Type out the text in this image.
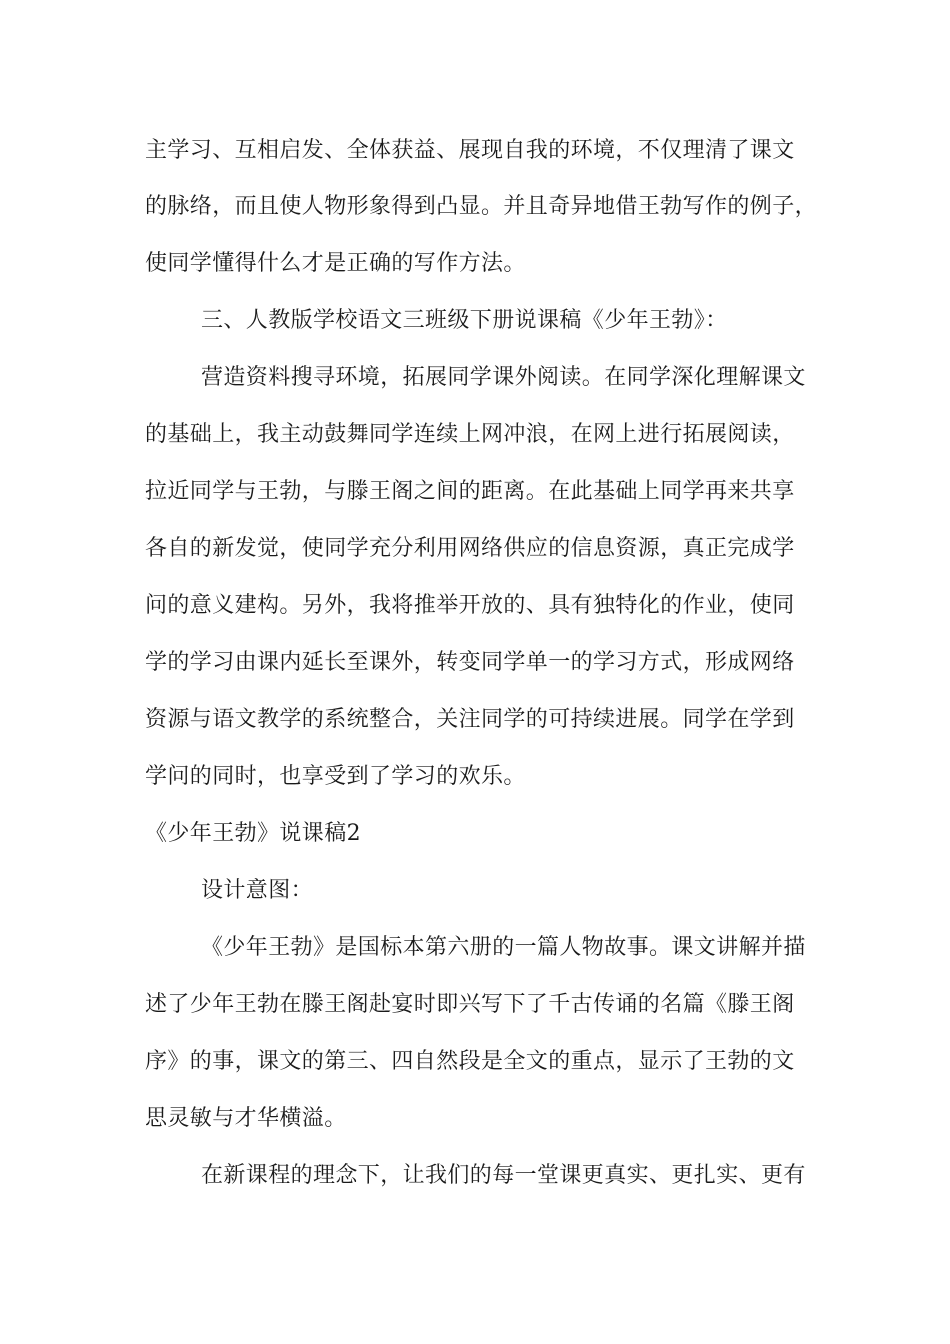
主学习、互相启发、全体获益、展现自我的环境，不仅理清了课文
的脉络，而且使人物形象得到凸显。并且奇异地借王勃写作的例子，
使同学懂得什么才是正确的写作方法。
三、人教版学校语文三班级下册说课稿《少年王勃》：
营造资料搜寻环境，拓展同学课外阅读。在同学深化理解课文
的基础上，我主动鼓舞同学连续上网冲浪，在网上进行拓展阅读，
拉近同学与王勃，与滕王阁之间的距离。在此基础上同学再来共享
各自的新发觉，使同学充分利用网络供应的信息资源，真正完成学
问的意义建构。另外，我将推举开放的、具有独特化的作业，使同
学的学习由课内延长至课外，转变同学单一的学习方式，形成网络
资源与语文教学的系统整合，关注同学的可持续进展。同学在学到
学问的同时，也享受到了学习的欢乐。
《少年王勃》说课稿2
设计意图：
《少年王勃》是国标本第六册的一篇人物故事。课文讲解并描
述了少年王勃在滕王阁赴宴时即兴写下了千古传诵的名篇《滕王阁
序》的事，课文的第三、四自然段是全文的重点，显示了王勃的文
思灵敏与才华横溢。
在新课程的理念下，让我们的每一堂课更真实、更扎实、更有
